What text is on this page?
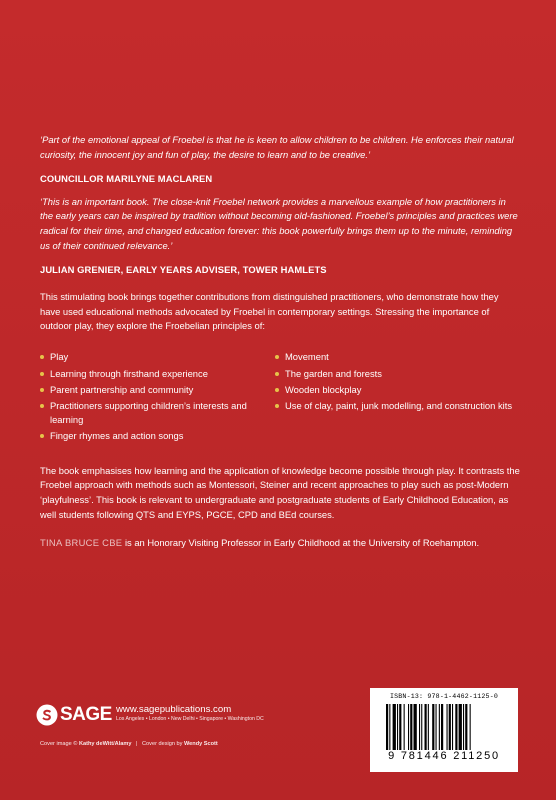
‘Part of the emotional appeal of Froebel is that he is keen to allow children to be children. He enforces their natural curiosity, the innocent joy and fun of play, the desire to learn and to be creative.’

COUNCILLOR MARILYNE MACLAREN

‘This is an important book. The close-knit Froebel network provides a marvellous example of how practitioners in the early years can be inspired by tradition without becoming old-fashioned. Froebel’s principles and practices were radical for their time, and changed education forever: this book powerfully brings them up to the minute, reminding us of their continued relevance.’

JULIAN GRENIER, EARLY YEARS ADVISER, TOWER HAMLETS

This stimulating book brings together contributions from distinguished practitioners, who demonstrate how they have used educational methods advocated by Froebel in contemporary settings. Stressing the importance of outdoor play, they explore the Froebelian principles of:

Play
Learning through firsthand experience
Parent partnership and community
Practitioners supporting children’s interests and learning
Finger rhymes and action songs
Movement
The garden and forests
Wooden blockplay
Use of clay, paint, junk modelling, and construction kits

The book emphasises how learning and the application of knowledge become possible through play. It contrasts the Froebel approach with methods such as Montessori, Steiner and recent approaches to play such as post-Modern ‘playfulness’. This book is relevant to undergraduate and postgraduate students of Early Childhood Education, as well students following QTS and EYPS, PGCE, CPD and BEd courses.

TINA BRUCE CBE is an Honorary Visiting Professor in Early Childhood at the University of Roehampton.

SAGE www.sagepublications.com
Los Angeles • London • New Delhi • Singapore • Washington DC
Cover image © Kathy deWitt/Alamy | Cover design by Wendy Scott
ISBN-13: 978-1-4462-1125-0
9 781446 211250
